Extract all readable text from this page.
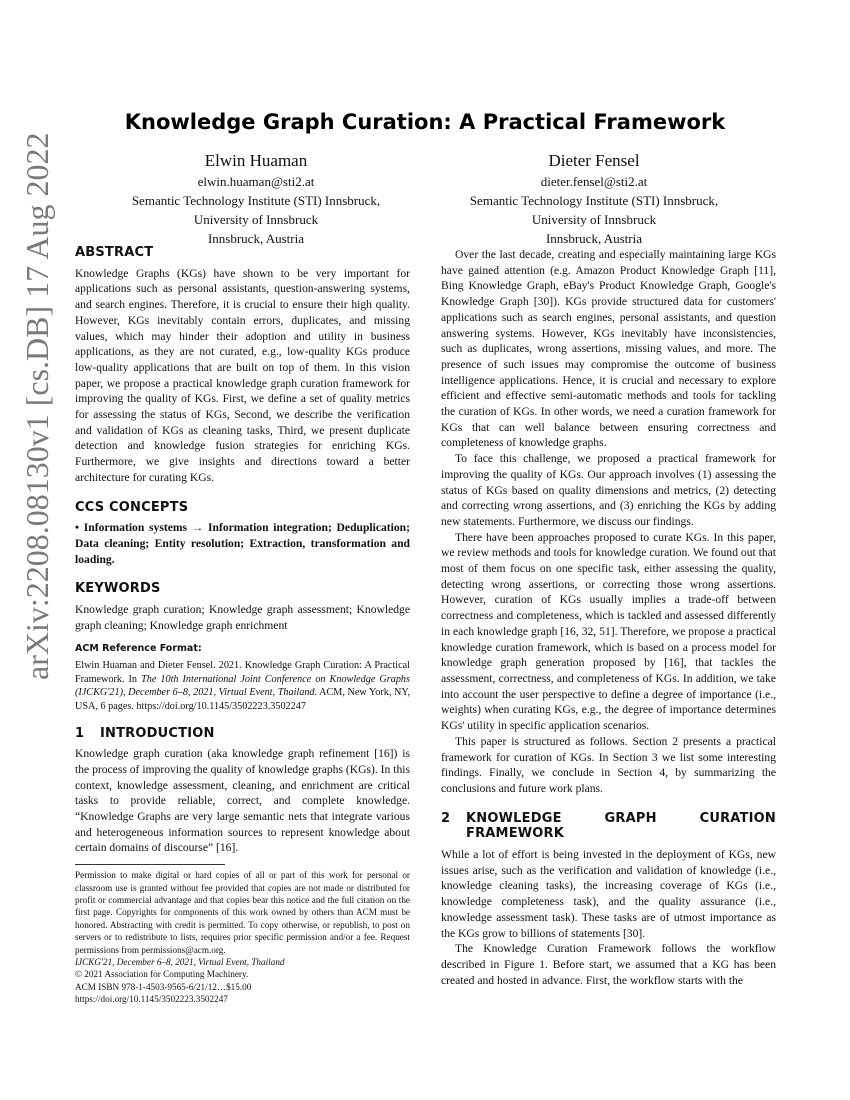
arXiv:2208.08130v1 [cs.DB] 17 Aug 2022
Knowledge Graph Curation: A Practical Framework
Elwin Huaman
elwin.huaman@sti2.at
Semantic Technology Institute (STI) Innsbruck,
University of Innsbruck
Innsbruck, Austria
Dieter Fensel
dieter.fensel@sti2.at
Semantic Technology Institute (STI) Innsbruck,
University of Innsbruck
Innsbruck, Austria
ABSTRACT

Knowledge Graphs (KGs) have shown to be very important for applications such as personal assistants, question-answering systems, and search engines. Therefore, it is crucial to ensure their high quality. However, KGs inevitably contain errors, duplicates, and missing values, which may hinder their adoption and utility in business applications, as they are not curated, e.g., low-quality KGs produce low-quality applications that are built on top of them. In this vision paper, we propose a practical knowledge graph curation framework for improving the quality of KGs. First, we define a set of quality metrics for assessing the status of KGs, Second, we describe the verification and validation of KGs as cleaning tasks, Third, we present duplicate detection and knowledge fusion strategies for enriching KGs. Furthermore, we give insights and directions toward a better architecture for curating KGs.

CCS CONCEPTS

• Information systems → Information integration; Deduplication; Data cleaning; Entity resolution; Extraction, transformation and loading.

KEYWORDS

Knowledge graph curation; Knowledge graph assessment; Knowledge graph cleaning; Knowledge graph enrichment

ACM Reference Format:

Elwin Huaman and Dieter Fensel. 2021. Knowledge Graph Curation: A Practical Framework. In The 10th International Joint Conference on Knowledge Graphs (IJCKG'21), December 6–8, 2021, Virtual Event, Thailand. ACM, New York, NY, USA, 6 pages. https://doi.org/10.1145/3502223.3502247

1 INTRODUCTION

Knowledge graph curation (aka knowledge graph refinement [16]) is the process of improving the quality of knowledge graphs (KGs). In this context, knowledge assessment, cleaning, and enrichment are critical tasks to provide reliable, correct, and complete knowledge. “Knowledge Graphs are very large semantic nets that integrate various and heterogeneous information sources to represent knowledge about certain domains of discourse” [16].

Permission to make digital or hard copies of all or part of this work for personal or classroom use is granted without fee provided that copies are not made or distributed for profit or commercial advantage and that copies bear this notice and the full citation on the first page. Copyrights for components of this work owned by others than ACM must be honored. Abstracting with credit is permitted. To copy otherwise, or republish, to post on servers or to redistribute to lists, requires prior specific permission and/or a fee. Request permissions from permissions@acm.org.

IJCKG'21, December 6–8, 2021, Virtual Event, Thailand

© 2021 Association for Computing Machinery.

ACM ISBN 978-1-4503-9565-6/21/12…$15.00

https://doi.org/10.1145/3502223.3502247

Over the last decade, creating and especially maintaining large KGs have gained attention (e.g. Amazon Product Knowledge Graph [11], Bing Knowledge Graph, eBay's Product Knowledge Graph, Google's Knowledge Graph [30]). KGs provide structured data for customers' applications such as search engines, personal assistants, and question answering systems. However, KGs inevitably have inconsistencies, such as duplicates, wrong assertions, missing values, and more. The presence of such issues may compromise the outcome of business intelligence applications. Hence, it is crucial and necessary to explore efficient and effective semi-automatic methods and tools for tackling the curation of KGs. In other words, we need a curation framework for KGs that can well balance between ensuring correctness and completeness of knowledge graphs.

To face this challenge, we proposed a practical framework for improving the quality of KGs. Our approach involves (1) assessing the status of KGs based on quality dimensions and metrics, (2) detecting and correcting wrong assertions, and (3) enriching the KGs by adding new statements. Furthermore, we discuss our findings.

There have been approaches proposed to curate KGs. In this paper, we review methods and tools for knowledge curation. We found out that most of them focus on one specific task, either assessing the quality, detecting wrong assertions, or correcting those wrong assertions. However, curation of KGs usually implies a trade-off between correctness and completeness, which is tackled and assessed differently in each knowledge graph [16, 32, 51]. Therefore, we propose a practical knowledge curation framework, which is based on a process model for knowledge graph generation proposed by [16], that tackles the assessment, correctness, and completeness of KGs. In addition, we take into account the user perspective to define a degree of importance (i.e., weights) when curating KGs, e.g., the degree of importance determines KGs' utility in specific application scenarios.

This paper is structured as follows. Section 2 presents a practical framework for curation of KGs. In Section 3 we list some interesting findings. Finally, we conclude in Section 4, by summarizing the conclusions and future work plans.

2	KNOWLEDGE GRAPH CURATION FRAMEWORK

While a lot of effort is being invested in the deployment of KGs, new issues arise, such as the verification and validation of knowledge (i.e., knowledge cleaning tasks), the increasing coverage of KGs (i.e., knowledge completeness task), and the quality assurance (i.e., knowledge assessment task). These tasks are of utmost importance as the KGs grow to billions of statements [30].

The Knowledge Curation Framework follows the workflow described in Figure 1. Before start, we assumed that a KG has been created and hosted in advance. First, the workflow starts with the
